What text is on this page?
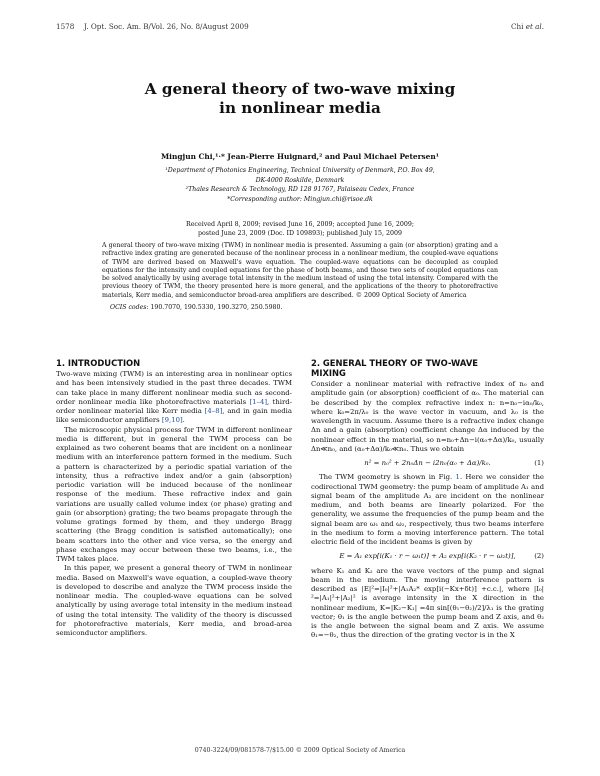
1578 J. Opt. Soc. Am. B/Vol. 26, No. 8/August 2009	Chi et al.
A general theory of two-wave mixing
in nonlinear media
Mingjun Chi,¹·* Jean-Pierre Huignard,² and Paul Michael Petersen¹
¹Department of Photonics Engineering, Technical University of Denmark, P.O. Box 49,
DK-4000 Roskilde, Denmark
²Thales Research & Technology, RD 128 91767, Palaiseau Cedex, France
*Corresponding author: Mingjun.chi@risoe.dk
Received April 8, 2009; revised June 16, 2009; accepted June 16, 2009;
posted June 23, 2009 (Doc. ID 109893); published July 15, 2009
A general theory of two-wave mixing (TWM) in nonlinear media is presented. Assuming a gain (or absorption) grating and a refractive index grating are generated because of the nonlinear process in a nonlinear medium, the coupled-wave equations of TWM are derived based on Maxwell's wave equation. The coupled-wave equations can be decoupled as coupled equations for the intensity and coupled equations for the phase of both beams, and those two sets of coupled equations can be solved analytically by using average total intensity in the medium instead of using the total intensity. Compared with the previous theory of TWM, the theory presented here is more general, and the applications of the theory to photorefractive materials, Kerr media, and semiconductor broad-area amplifiers are described. © 2009 Optical Society of America
OCIS codes: 190.7070, 190.5330, 190.3270, 250.5980.
1. INTRODUCTION

Two-wave mixing (TWM) is an interesting area in nonlinear optics and has been intensively studied in the past three decades. TWM can take place in many different nonlinear media such as second-order nonlinear media like photorefractive materials [1–4], third-order nonlinear material like Kerr media [4–8], and in gain media like semiconductor amplifiers [9,10].

The microscopic physical process for TWM in different nonlinear media is different, but in general the TWM process can be explained as two coherent beams that are incident on a nonlinear medium with an interference pattern formed in the medium. Such a pattern is characterized by a periodic spatial variation of the intensity, thus a refractive index and/or a gain (absorption) periodic variation will be induced because of the nonlinear response of the medium. These refractive index and gain variations are usually called volume index (or phase) grating and gain (or absorption) grating; the two beams propagate through the volume gratings formed by them, and they undergo Bragg scattering (the Bragg condition is satisfied automatically); one beam scatters into the other and vice versa, so the energy and phase exchanges may occur between these two beams, i.e., the TWM takes place.

In this paper, we present a general theory of TWM in nonlinear media. Based on Maxwell's wave equation, a coupled-wave theory is developed to describe and analyze the TWM process inside the nonlinear media. The coupled-wave equations can be solved analytically by using average total intensity in the medium instead of using the total intensity. The validity of the theory is discussed for photorefractive materials, Kerr media, and broad-area semiconductor amplifiers.

2. GENERAL THEORY OF TWO-WAVE
MIXING

Consider a nonlinear material with refractive index of n₀ and amplitude gain (or absorption) coefficient of α₀. The material can be described by the complex refractive index n: n=n₀−iα₀/k₀, where k₀=2π/λ₀ is the wave vector in vacuum, and λ₀ is the wavelength in vacuum. Assume there is a refractive index change Δn and a gain (absorption) coefficient change Δα induced by the nonlinear effect in the material, so n=n₀+Δn−i(α₀+Δα)/k₀, usually Δn≪n₀, and (α₀+Δα)/k₀≪n₀. Thus we obtain

n² = n₀² + 2n₀Δn − i2n₀(α₀ + Δα)/k₀.	(1)

The TWM geometry is shown in Fig. 1. Here we consider the codirectional TWM geometry: the pump beam of amplitude A₁ and signal beam of the amplitude A₂ are incident on the nonlinear medium, and both beams are linearly polarized. For the generality, we assume the frequencies of the pump beam and the signal beam are ω₁ and ω₂, respectively, thus two beams interfere in the medium to form a moving interference pattern. The total electric field of the incident beams is given by

E = A₁ exp[i(K₁ · r − ω₁t)] + A₂ exp[i(K₂ · r − ω₂t)],	(2)

where K₁ and K₂ are the wave vectors of the pump and signal beam in the medium. The moving interference pattern is described as |E|²=|I₀|²+|A₁A₂* exp[i(−Kx+δt)] +c.c.|, where |I₀|²=|A₁|²+|A₂|² is average intensity in the X direction in the nonlinear medium, K=|K₂−K₁| =4π sin[(θ₁−θ₂)/2]/λ₁ is the grating vector; θ₁ is the angle between the pump beam and Z axis, and θ₂ is the angle between the signal beam and Z axis. We assume θ₁=−θ₂, thus the direction of the grating vector is in the X

0740-3224/09/081578-7/$15.00 © 2009 Optical Society of America
